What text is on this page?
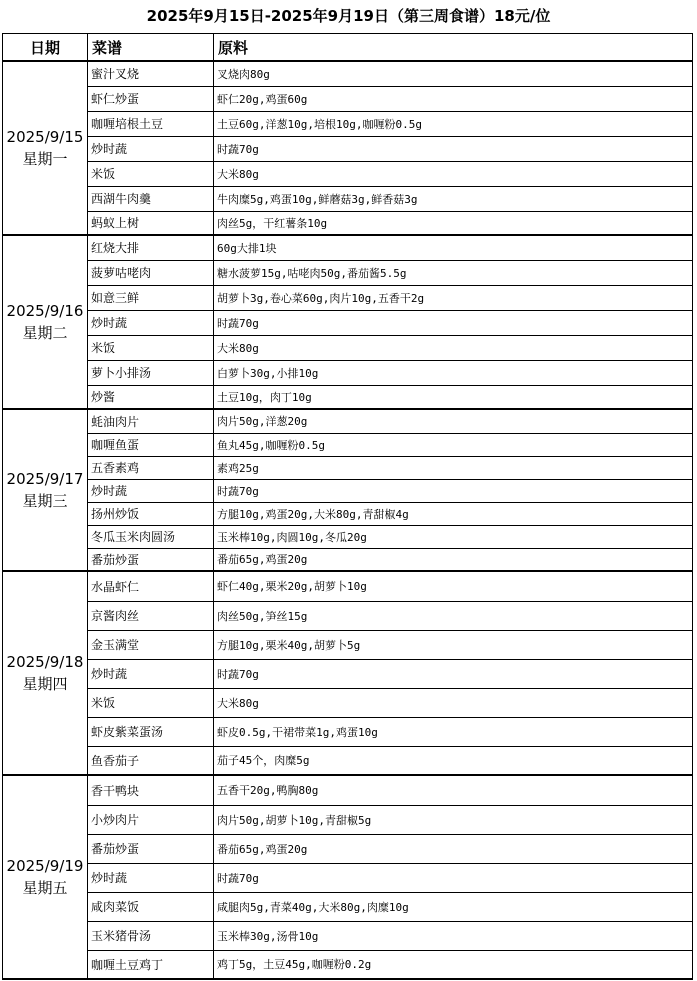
2025年9月15日-2025年9月19日（第三周食谱）18元/位
日期	菜谱	原料

2025/9/15
星期一	蜜汁叉烧	叉烧肉80g
	虾仁炒蛋	虾仁20g,鸡蛋60g
	咖喱培根土豆	土豆60g,洋葱10g,培根10g,咖喱粉0.5g
	炒时蔬	时蔬70g
	米饭	大米80g
	西湖牛肉羹	牛肉糜5g,鸡蛋10g,鲜蘑菇3g,鲜香菇3g
	蚂蚁上树	肉丝5g，干红薯条10g

2025/9/16
星期二	红烧大排	60g大排1块
	菠萝咕咾肉	糖水菠萝15g,咕咾肉50g,番茄酱5.5g
	如意三鲜	胡萝卜3g,卷心菜60g,肉片10g,五香干2g
	炒时蔬	时蔬70g
	米饭	大米80g
	萝卜小排汤	白萝卜30g,小排10g
	炒酱	土豆10g，肉丁10g

2025/9/17
星期三	蚝油肉片	肉片50g,洋葱20g
	咖喱鱼蛋	鱼丸45g,咖喱粉0.5g
	五香素鸡	素鸡25g
	炒时蔬	时蔬70g
	扬州炒饭	方腿10g,鸡蛋20g,大米80g,青甜椒4g
	冬瓜玉米肉圆汤	玉米棒10g,肉圆10g,冬瓜20g
	番茄炒蛋	番茄65g,鸡蛋20g

2025/9/18
星期四	水晶虾仁	虾仁40g,栗米20g,胡萝卜10g
	京酱肉丝	肉丝50g,笋丝15g
	金玉满堂	方腿10g,栗米40g,胡萝卜5g
	炒时蔬	时蔬70g
	米饭	大米80g
	虾皮紫菜蛋汤	虾皮0.5g,干裙带菜1g,鸡蛋10g
	鱼香茄子	茄子45个，肉糜5g

2025/9/19
星期五	香干鸭块	五香干20g,鸭胸80g
	小炒肉片	肉片50g,胡萝卜10g,青甜椒5g
	番茄炒蛋	番茄65g,鸡蛋20g
	炒时蔬	时蔬70g
	咸肉菜饭	咸腿肉5g,青菜40g,大米80g,肉糜10g
	玉米猪骨汤	玉米棒30g,汤骨10g
	咖喱土豆鸡丁	鸡丁5g，土豆45g,咖喱粉0.2g
